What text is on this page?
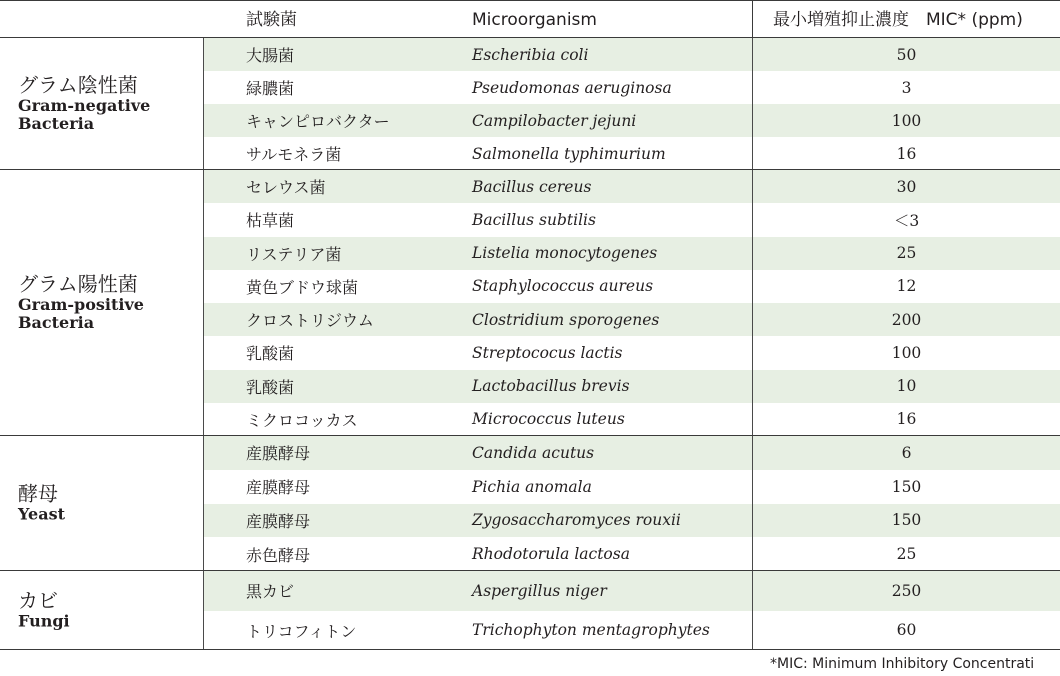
試験菌	Microorganism	最小増殖抑止濃度　MIC* (ppm)
グラム陰性菌
Gram-negative
Bacteria
大腸菌	Escheribia coli	50
緑膿菌	Pseudomonas aeruginosa	3
キャンピロバクター	Campilobacter jejuni	100
サルモネラ菌	Salmonella typhimurium	16
グラム陽性菌
Gram-positive
Bacteria
セレウス菌	Bacillus cereus	30
枯草菌	Bacillus subtilis	＜3
リステリア菌	Listelia monocytogenes	25
黄色ブドウ球菌	Staphylococcus aureus	12
クロストリジウム	Clostridium sporogenes	200
乳酸菌	Streptococus lactis	100
乳酸菌	Lactobacillus brevis	10
ミクロコッカス	Micrococcus luteus	16
酵母
Yeast
産膜酵母	Candida acutus	6
産膜酵母	Pichia anomala	150
産膜酵母	Zygosaccharomyces rouxii	150
赤色酵母	Rhodotorula lactosa	25
カビ
Fungi
黒カビ	Aspergillus niger	250
トリコフィトン	Trichophyton mentagrophytes	60
*MIC: Minimum Inhibitory Concentrati
